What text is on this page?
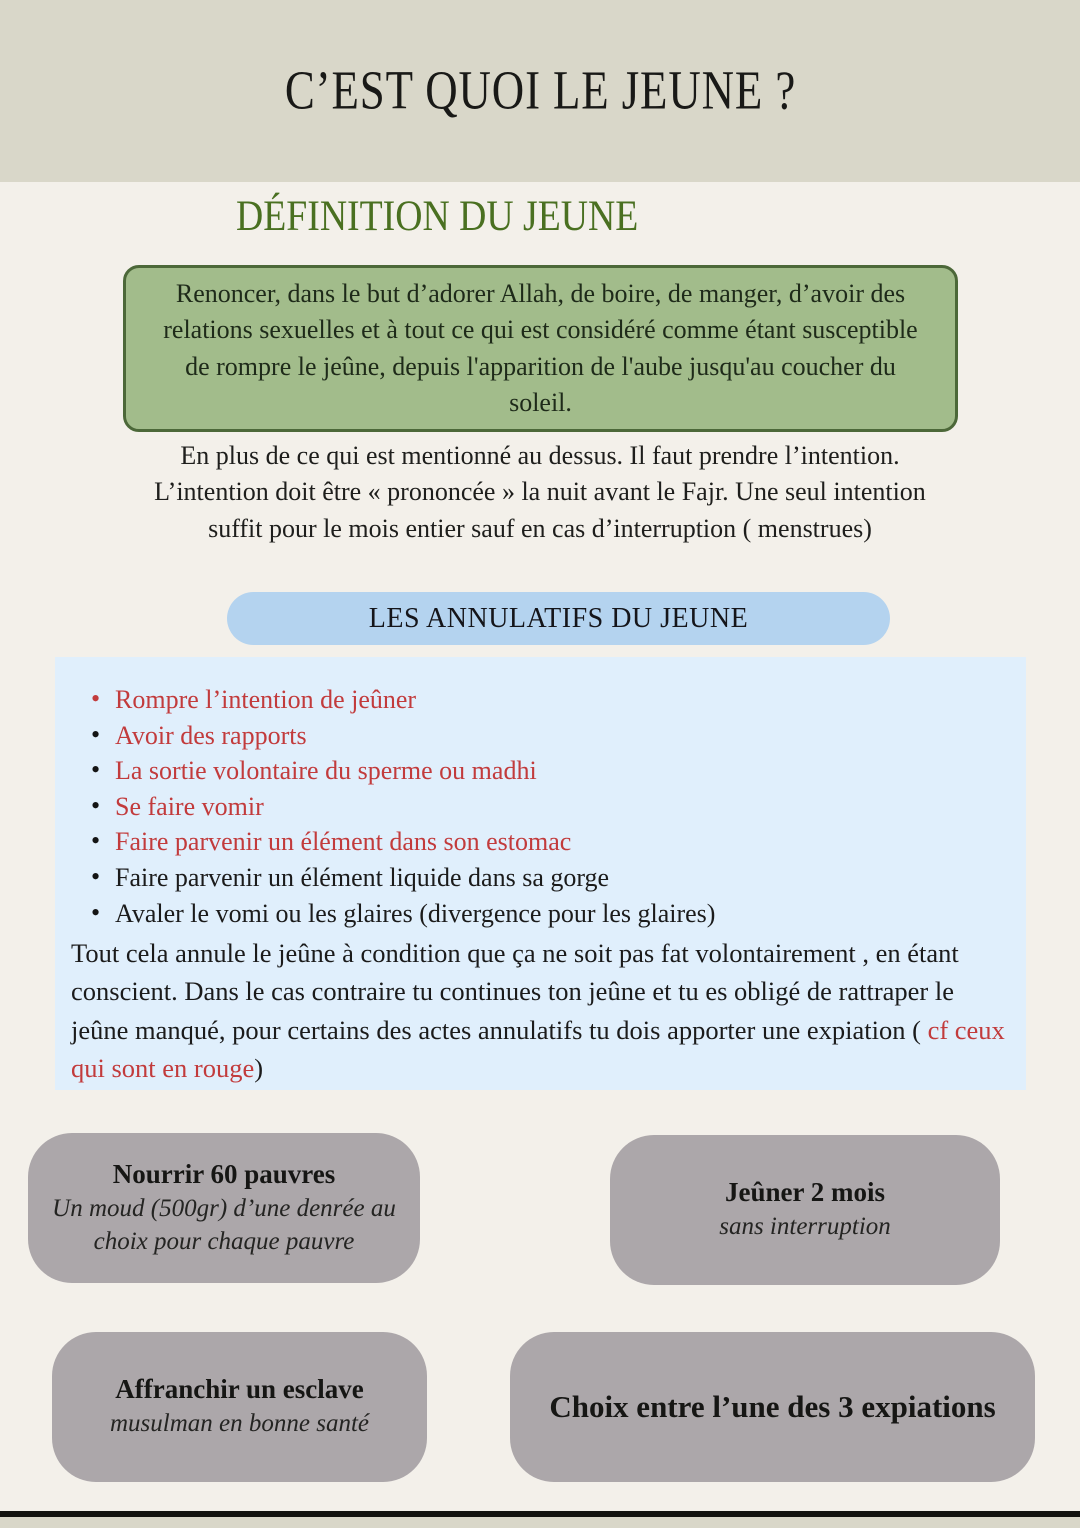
C’EST QUOI LE JEUNE ?
DÉFINITION DU JEUNE

Renoncer, dans le but d’adorer Allah, de boire, de manger, d’avoir des relations sexuelles et à tout ce qui est considéré comme étant susceptible de rompre le jeûne, depuis l'apparition de l'aube jusqu'au coucher du soleil.

En plus de ce qui est mentionné au dessus. Il faut prendre l’intention. L’intention doit être « prononcée » la nuit avant le Fajr. Une seul intention suffit pour le mois entier sauf en cas d’interruption ( menstrues)

LES ANNULATIFS DU JEUNE
•
Rompre l’intention de jeûner
•
Avoir des rapports
•
La sortie volontaire du sperme ou madhi
•
Se faire vomir
•
Faire parvenir un élément dans son estomac
•
Faire parvenir un élément liquide dans sa gorge
•
Avaler le vomi ou les glaires (divergence pour les glaires)

Tout cela annule le jeûne à condition que ça ne soit pas fat volontairement , en étant conscient. Dans le cas contraire tu continues ton jeûne et tu es obligé de rattraper le jeûne manqué, pour certains des actes annulatifs tu dois apporter une expiation ( cf ceux qui sont en rouge)

Nourrir 60 pauvres
Un moud (500gr) d’une denrée au choix pour chaque pauvre
Jeûner 2 mois
sans interruption
Affranchir un esclave
musulman en bonne santé	Choix entre l’une des 3 expiations
